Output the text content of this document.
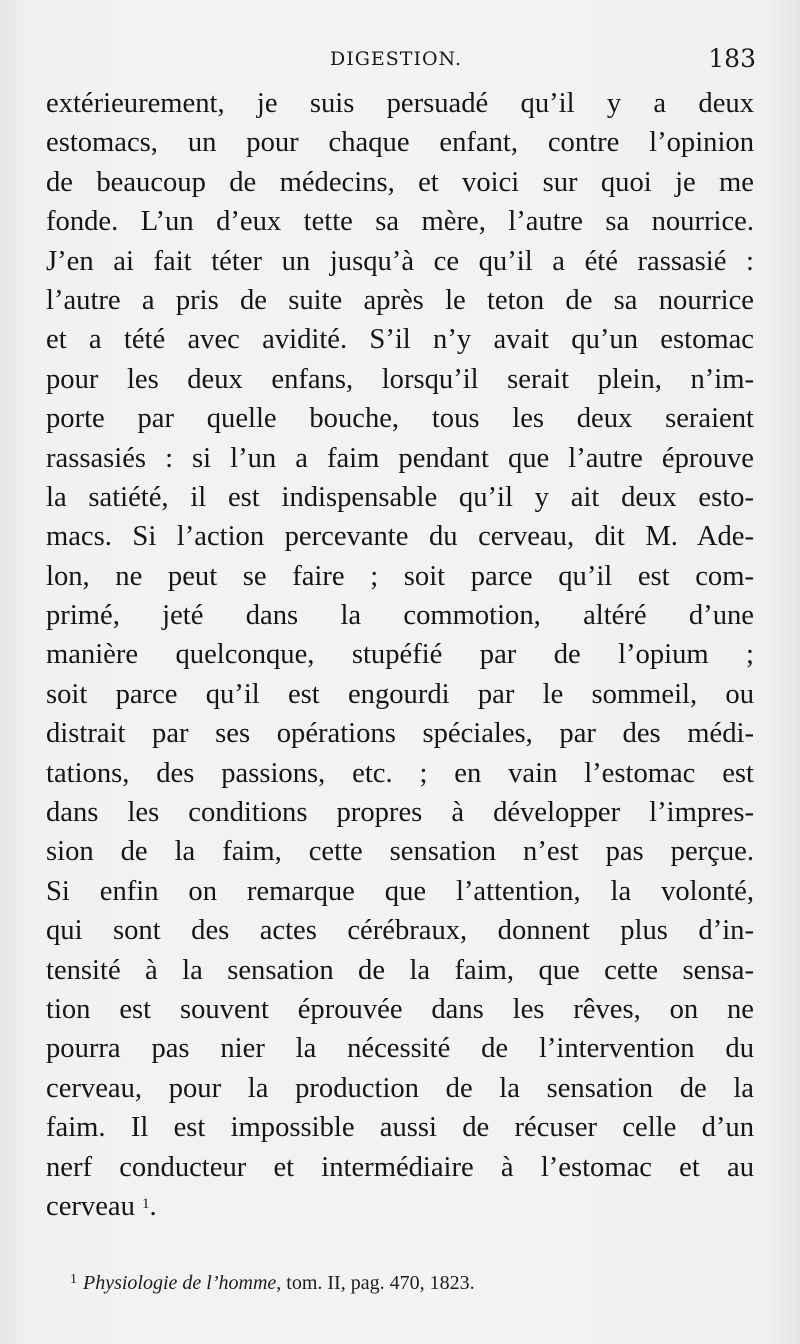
DIGESTION.	183
extérieurement, je suis persuadé qu’il y a deux
estomacs, un pour chaque enfant, contre l’opinion
de beaucoup de médecins, et voici sur quoi je me
fonde. L’un d’eux tette sa mère, l’autre sa nourrice.
J’en ai fait téter un jusqu’à ce qu’il a été rassasié :
l’autre a pris de suite après le teton de sa nourrice
et a tété avec avidité. S’il n’y avait qu’un estomac
pour les deux enfans, lorsqu’il serait plein, n’im-
porte par quelle bouche, tous les deux seraient
rassasiés : si l’un a faim pendant que l’autre éprouve
la satiété, il est indispensable qu’il y ait deux esto-
macs. Si l’action percevante du cerveau, dit M. Ade-
lon, ne peut se faire ; soit parce qu’il est com-
primé, jeté dans la commotion, altéré d’une
manière quelconque, stupéfié par de l’opium ;
soit parce qu’il est engourdi par le sommeil, ou
distrait par ses opérations spéciales, par des médi-
tations, des passions, etc. ; en vain l’estomac est
dans les conditions propres à développer l’impres-
sion de la faim, cette sensation n’est pas perçue.
Si enfin on remarque que l’attention, la volonté,
qui sont des actes cérébraux, donnent plus d’in-
tensité à la sensation de la faim, que cette sensa-
tion est souvent éprouvée dans les rêves, on ne
pourra pas nier la nécessité de l’intervention du
cerveau, pour la production de la sensation de la
faim. Il est impossible aussi de récuser celle d’un
nerf conducteur et intermédiaire à l’estomac et au
cerveau $^1$.
$^1$ Physiologie de l’homme, tom. II, pag. 470, 1823.
